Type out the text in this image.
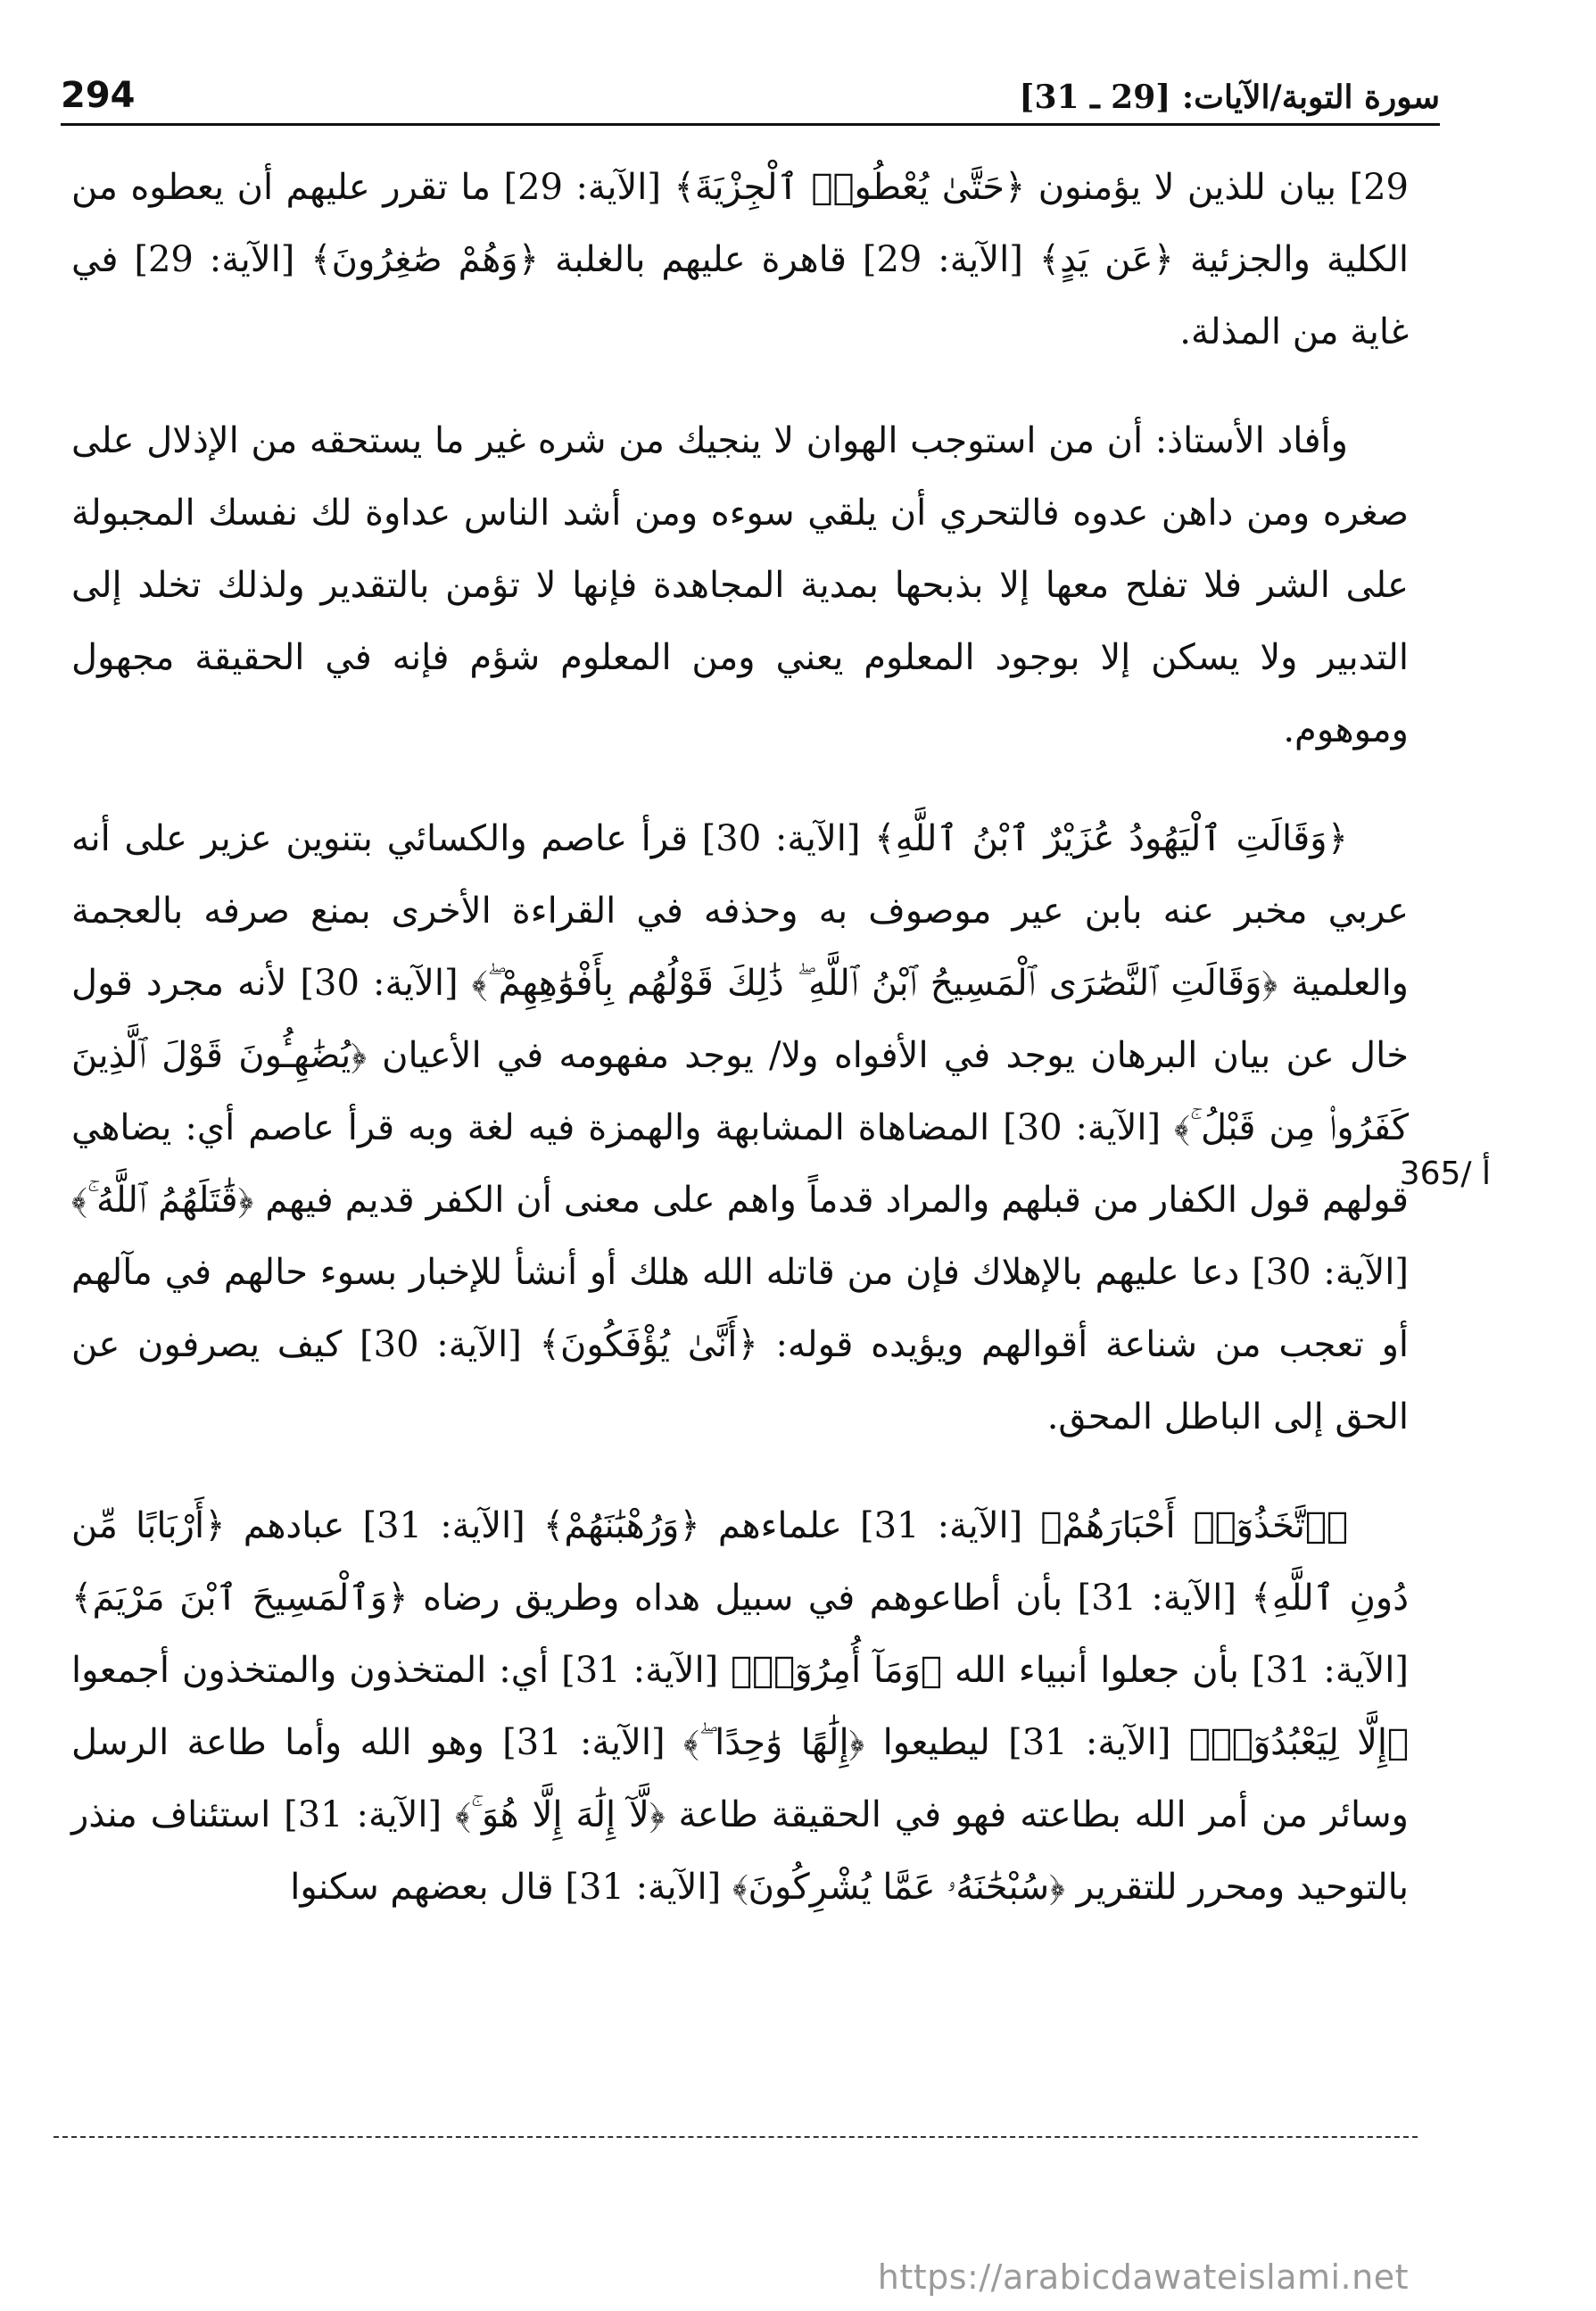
294	سورة التوبة/الآيات: [29 ـ 31]
365/ أ

29] بيان للذين لا يؤمنون ﴿حَتَّىٰ يُعْطُوا۟ ٱلْجِزْيَةَ﴾ [الآية: 29] ما تقرر عليهم أن يعطوه من الكلية والجزئية ﴿عَن يَدٍ﴾ [الآية: 29] قاهرة عليهم بالغلبة ﴿وَهُمْ صَٰغِرُونَ﴾ [الآية: 29] في غاية من المذلة.

وأفاد الأستاذ: أن من استوجب الهوان لا ينجيك من شره غير ما يستحقه من الإذلال على صغره ومن داهن عدوه فالتحري أن يلقي سوءه ومن أشد الناس عداوة لك نفسك المجبولة على الشر فلا تفلح معها إلا بذبحها بمدية المجاهدة فإنها لا تؤمن بالتقدير ولذلك تخلد إلى التدبير ولا يسكن إلا بوجود المعلوم يعني ومن المعلوم شؤم فإنه في الحقيقة مجهول وموهوم.

﴿وَقَالَتِ ٱلْيَهُودُ عُزَيْرٌ ٱبْنُ ٱللَّهِ﴾ [الآية: 30] قرأ عاصم والكسائي بتنوين عزير على أنه عربي مخبر عنه بابن عير موصوف به وحذفه في القراءة الأخرى بمنع صرفه بالعجمة والعلمية ﴿وَقَالَتِ ٱلنَّصَٰرَى ٱلْمَسِيحُ ٱبْنُ ٱللَّهِ ۖ ذَٰلِكَ قَوْلُهُم بِأَفْوَٰهِهِمْ ۖ﴾ [الآية: 30] لأنه مجرد قول خال عن بيان البرهان يوجد في الأفواه ولا/ يوجد مفهومه في الأعيان ﴿يُضَٰهِـُٔونَ قَوْلَ ٱلَّذِينَ كَفَرُوا۟ مِن قَبْلُ ۚ﴾ [الآية: 30] المضاهاة المشابهة والهمزة فيه لغة وبه قرأ عاصم أي: يضاهي قولهم قول الكفار من قبلهم والمراد قدماً واهم على معنى أن الكفر قديم فيهم ﴿قَٰتَلَهُمُ ٱللَّهُ ۚ﴾ [الآية: 30] دعا عليهم بالإهلاك فإن من قاتله الله هلك أو أنشأ للإخبار بسوء حالهم في مآلهم أو تعجب من شناعة أقوالهم ويؤيده قوله: ﴿أَنَّىٰ يُؤْفَكُونَ﴾ [الآية: 30] كيف يصرفون عن الحق إلى الباطل المحق.

﴿ٱتَّخَذُوٓا۟ أَحْبَارَهُمْ﴾ [الآية: 31] علماءهم ﴿وَرُهْبَٰنَهُمْ﴾ [الآية: 31] عبادهم ﴿أَرْبَابًا مِّن دُونِ ٱللَّهِ﴾ [الآية: 31] بأن أطاعوهم في سبيل هداه وطريق رضاه ﴿وَٱلْمَسِيحَ ٱبْنَ مَرْيَمَ﴾ [الآية: 31] بأن جعلوا أنبياء الله ﴿وَمَآ أُمِرُوٓا۟﴾ [الآية: 31] أي: المتخذون والمتخذون أجمعوا ﴿إِلَّا لِيَعْبُدُوٓا۟﴾ [الآية: 31] ليطيعوا ﴿إِلَٰهًا وَٰحِدًا ۖ﴾ [الآية: 31] وهو الله وأما طاعة الرسل وسائر من أمر الله بطاعته فهو في الحقيقة طاعة ﴿لَّآ إِلَٰهَ إِلَّا هُوَ ۚ﴾ [الآية: 31] استئناف منذر بالتوحيد ومحرر للتقرير ﴿سُبْحَٰنَهُۥ عَمَّا يُشْرِكُونَ﴾ [الآية: 31] قال بعضهم سكنوا

https://arabicdawateislami.net
